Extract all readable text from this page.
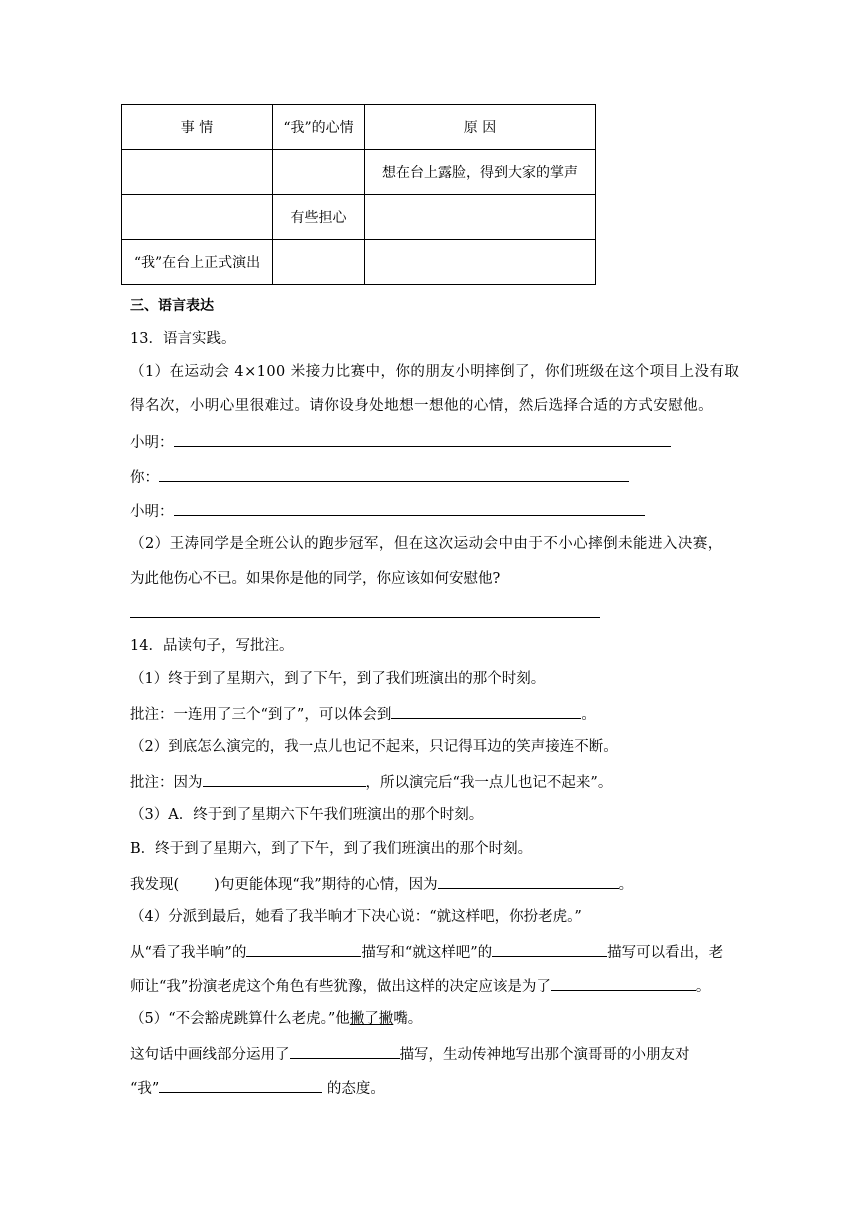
事 情	“我”的心情	原 因
		想在台上露脸，得到大家的掌声
	有些担心	
“我”在台上正式演出		
三、语言表达
13．语言实践。
（1）在运动会 4×100 米接力比赛中，你的朋友小明摔倒了，你们班级在这个项目上没有取
得名次，小明心里很难过。请你设身处地想一想他的心情，然后选择合适的方式安慰他。
小明：
你：
小明：
（2）王涛同学是全班公认的跑步冠军，但在这次运动会中由于不小心摔倒未能进入决赛，
为此他伤心不已。如果你是他的同学，你应该如何安慰他?
14．品读句子，写批注。
（1）终于到了星期六，到了下午，到了我们班演出的那个时刻。
批注：一连用了三个“到了”，可以体会到	。
（2）到底怎么演完的，我一点儿也记不起来，只记得耳边的笑声接连不断。
批注：因为	，所以演完后“我一点儿也记不起来”。
（3）A．终于到了星期六下午我们班演出的那个时刻。
B．终于到了星期六，到了下午，到了我们班演出的那个时刻。
我发现( )句更能体现“我”期待的心情，因为	。
（4）分派到最后，她看了我半晌才下决心说：“就这样吧，你扮老虎。”
从“看了我半晌”的	描写和“就这样吧”的	描写可以看出，老
师让“我”扮演老虎这个角色有些犹豫，做出这样的决定应该是为了	。
（5）“不会豁虎跳算什么老虎。”他撇了撇嘴。
这句话中画线部分运用了	描写，生动传神地写出那个演哥哥的小朋友对
“我”	的态度。
